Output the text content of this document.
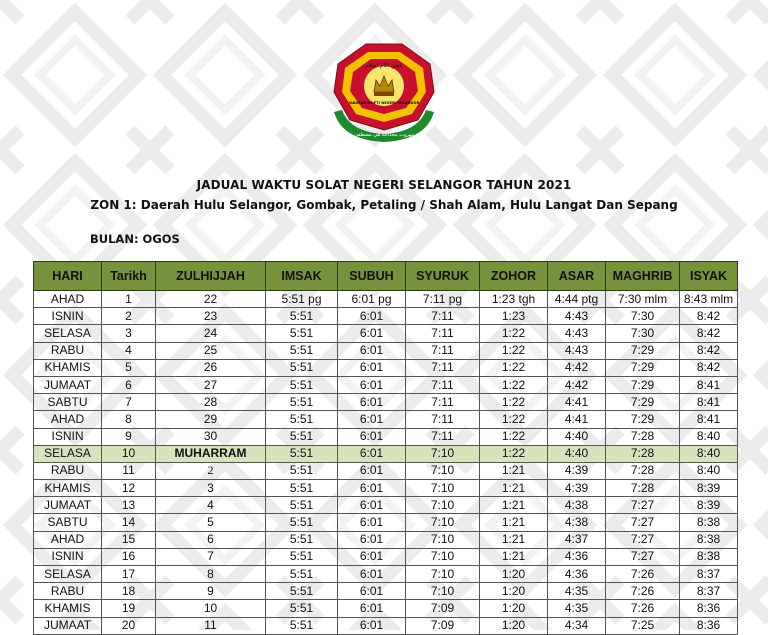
مهروت محدالله هي مصطفى
باهبن اكام اسلام
JABATAN MUFTI NEGERI SELANGOR
JADUAL WAKTU SOLAT NEGERI SELANGOR TAHUN 2021
ZON 1: Daerah Hulu Selangor, Gombak, Petaling / Shah Alam, Hulu Langat Dan Sepang
BULAN: OGOS
HARI	Tarikh	ZULHIJJAH	IMSAK	SUBUH	SYURUK	ZOHOR	ASAR	MAGHRIB	ISYAK
AHAD	1	22	5:51 pg	6:01 pg	7:11 pg	1:23 tgh	4:44 ptg	7:30 mlm	8:43 mlm
ISNIN	2	23	5:51	6:01	7:11	1:23	4:43	7:30	8:42
SELASA	3	24	5:51	6:01	7:11	1:22	4:43	7:30	8:42
RABU	4	25	5:51	6:01	7:11	1:22	4:43	7:29	8:42
KHAMIS	5	26	5:51	6:01	7:11	1:22	4:42	7:29	8:42
JUMAAT	6	27	5:51	6:01	7:11	1:22	4:42	7:29	8:41
SABTU	7	28	5:51	6:01	7:11	1:22	4:41	7:29	8:41
AHAD	8	29	5:51	6:01	7:11	1:22	4:41	7:29	8:41
ISNIN	9	30	5:51	6:01	7:11	1:22	4:40	7:28	8:40
SELASA	10	MUHARRAM	5:51	6:01	7:10	1:22	4:40	7:28	8:40
RABU	11	2	5:51	6:01	7:10	1:21	4:39	7:28	8:40
KHAMIS	12	3	5:51	6:01	7:10	1:21	4:39	7:28	8:39
JUMAAT	13	4	5:51	6:01	7:10	1:21	4:38	7:27	8:39
SABTU	14	5	5:51	6:01	7:10	1:21	4:38	7:27	8:38
AHAD	15	6	5:51	6:01	7:10	1:21	4:37	7:27	8:38
ISNIN	16	7	5:51	6:01	7:10	1:21	4:36	7:27	8:38
SELASA	17	8	5:51	6:01	7:10	1:20	4:36	7:26	8:37
RABU	18	9	5:51	6:01	7:10	1:20	4:35	7:26	8:37
KHAMIS	19	10	5:51	6:01	7:09	1:20	4:35	7:26	8:36
JUMAAT	20	11	5:51	6:01	7:09	1:20	4:34	7:25	8:36
